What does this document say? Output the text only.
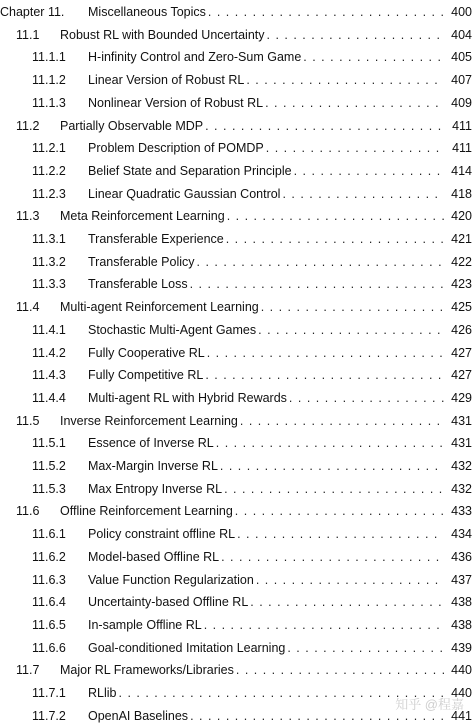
Chapter 11. Miscellaneous Topics . . .	400
11.1 Robust RL with Bounded Uncertainty . . .	404
11.1.1 H-infinity Control and Zero-Sum Game . . .	405
11.1.2 Linear Version of Robust RL . . .	407
11.1.3 Nonlinear Version of Robust RL . . .	409
11.2 Partially Observable MDP . . .	411
11.2.1 Problem Description of POMDP . . .	411
11.2.2 Belief State and Separation Principle . . .	414
11.2.3 Linear Quadratic Gaussian Control . . .	418
11.3 Meta Reinforcement Learning . . .	420
11.3.1 Transferable Experience . . .	421
11.3.2 Transferable Policy . . .	422
11.3.3 Transferable Loss . . .	423
11.4 Multi-agent Reinforcement Learning . . .	425
11.4.1 Stochastic Multi-Agent Games . . .	426
11.4.2 Fully Cooperative RL . . .	427
11.4.3 Fully Competitive RL . . .	427
11.4.4 Multi-agent RL with Hybrid Rewards . . .	429
11.5 Inverse Reinforcement Learning . . .	431
11.5.1 Essence of Inverse RL . . .	431
11.5.2 Max-Margin Inverse RL . . .	432
11.5.3 Max Entropy Inverse RL . . .	432
11.6 Offline Reinforcement Learning . . .	433
11.6.1 Policy constraint offline RL . . .	434
11.6.2 Model-based Offline RL . . .	436
11.6.3 Value Function Regularization . . .	437
11.6.4 Uncertainty-based Offline RL . . .	438
11.6.5 In-sample Offline RL . . .	438
11.6.6 Goal-conditioned Imitation Learning . . .	439
11.7 Major RL Frameworks/Libraries . . .	440
11.7.1 RLlib . . .	440
11.7.2 OpenAI Baselines . . .	441
知乎 @程嘉
